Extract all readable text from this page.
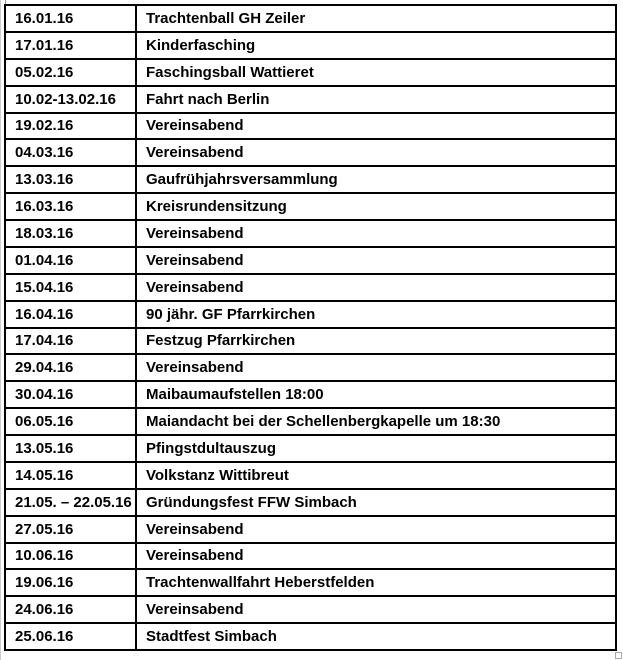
16.01.16	Trachtenball GH Zeiler
17.01.16	Kinderfasching
05.02.16	Faschingsball Wattieret
10.02-13.02.16	Fahrt nach Berlin
19.02.16	Vereinsabend
04.03.16	Vereinsabend
13.03.16	Gaufrühjahrsversammlung
16.03.16	Kreisrundensitzung
18.03.16	Vereinsabend
01.04.16	Vereinsabend
15.04.16	Vereinsabend
16.04.16	90 jähr. GF Pfarrkirchen
17.04.16	Festzug Pfarrkirchen
29.04.16	Vereinsabend
30.04.16	Maibaumaufstellen 18:00
06.05.16	Maiandacht bei der Schellenbergkapelle um 18:30
13.05.16	Pfingstdultauszug
14.05.16	Volkstanz Wittibreut
21.05. – 22.05.16	Gründungsfest FFW Simbach
27.05.16	Vereinsabend
10.06.16	Vereinsabend
19.06.16	Trachtenwallfahrt Heberstfelden
24.06.16	Vereinsabend
25.06.16	Stadtfest Simbach
